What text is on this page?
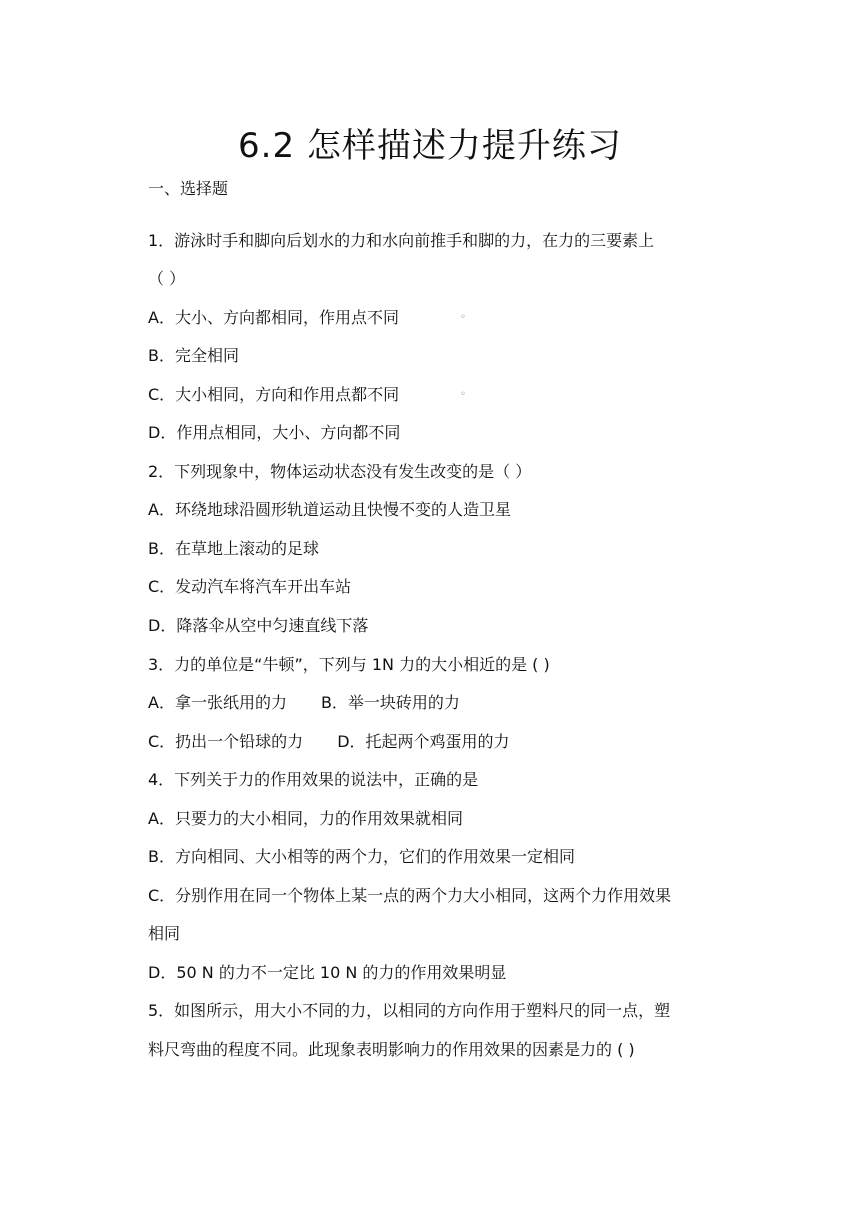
6.2 怎样描述力提升练习
一、选择题
1．游泳时手和脚向后划水的力和水向前推手和脚的力，在力的三要素上
（ ）
A．大小、方向都相同，作用点不同	◦
B．完全相同
C．大小相同，方向和作用点都不同	◦
D．作用点相同，大小、方向都不同
2．下列现象中，物体运动状态没有发生改变的是（ ）
A．环绕地球沿圆形轨道运动且快慢不变的人造卫星
B．在草地上滚动的足球
C．发动汽车将汽车开出车站
D．降落伞从空中匀速直线下落
3．力的单位是“牛顿”，下列与 1N 力的大小相近的是 ( )
A．拿一张纸用的力 B．举一块砖用的力
C．扔出一个铅球的力 D．托起两个鸡蛋用的力
4．下列关于力的作用效果的说法中，正确的是
A．只要力的大小相同，力的作用效果就相同
B．方向相同、大小相等的两个力，它们的作用效果一定相同
C．分别作用在同一个物体上某一点的两个力大小相同，这两个力作用效果
相同
D．50 N 的力不一定比 10 N 的力的作用效果明显
5．如图所示，用大小不同的力，以相同的方向作用于塑料尺的同一点，塑
料尺弯曲的程度不同。此现象表明影响力的作用效果的因素是力的 ( )
